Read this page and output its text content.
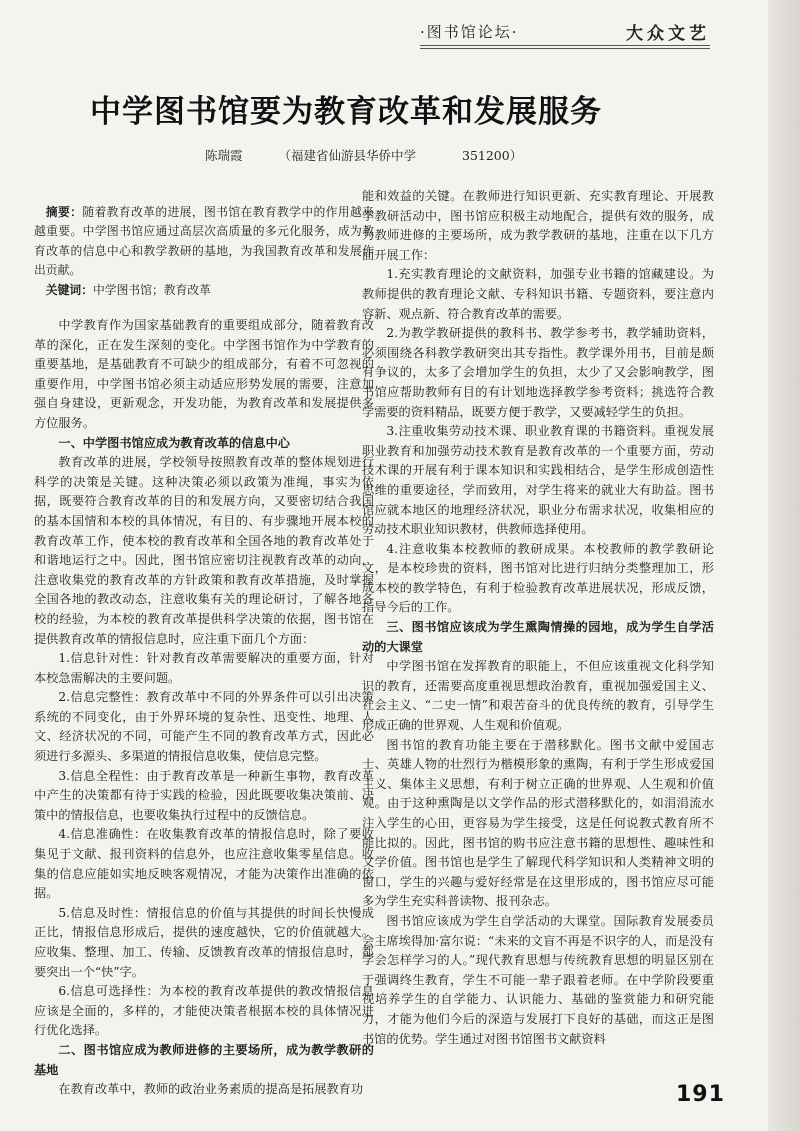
·图书馆论坛·	大众文艺
中学图书馆要为教育改革和发展服务
陈瑞霞	（福建省仙游县华侨中学	351200）

摘要：随着教育改革的进展，图书馆在教育教学中的作用越来越重要。中学图书馆应通过高层次高质量的多元化服务，成为教育改革的信息中心和教学教研的基地，为我国教育改革和发展作出贡献。

关键词：中学图书馆；教育改革

中学教育作为国家基础教育的重要组成部分，随着教育改革的深化，正在发生深刻的变化。中学图书馆作为中学教育的重要基地，是基础教育不可缺少的组成部分，有着不可忽视的重要作用，中学图书馆必须主动适应形势发展的需要，注意加强自身建设，更新观念，开发功能，为教育改革和发展提供多方位服务。

一、中学图书馆应成为教育改革的信息中心

教育改革的进展，学校领导按照教育改革的整体规划进行科学的决策是关键。这种决策必须以政策为准绳，事实为依据，既要符合教育改革的目的和发展方向，又要密切结合我国的基本国情和本校的具体情况，有目的、有步骤地开展本校的教育改革工作，使本校的教育改革和全国各地的教育改革处于和谐地运行之中。因此，图书馆应密切注视教育改革的动向，注意收集党的教育改革的方针政策和教育改革措施，及时掌握全国各地的教改动态，注意收集有关的理论研讨，了解各地各校的经验，为本校的教育改革提供科学决策的依据，图书馆在提供教育改革的情报信息时，应注重下面几个方面：

1.信息针对性：针对教育改革需要解决的重要方面，针对本校急需解决的主要问题。

2.信息完整性：教育改革中不同的外界条件可以引出决策系统的不同变化，由于外界环境的复杂性、迅变性、地理、人文、经济状况的不同，可能产生不同的教育改革方式，因此必须进行多源头、多渠道的情报信息收集，使信息完整。

3.信息全程性：由于教育改革是一种新生事物，教育改革中产生的决策都有待于实践的检验，因此既要收集决策前、决策中的情报信息，也要收集执行过程中的反馈信息。

4.信息准确性：在收集教育改革的情报信息时，除了要收集见于文献、报刊资料的信息外，也应注意收集零星信息。收集的信息应能如实地反映客观情况，才能为决策作出准确的依据。

5.信息及时性：情报信息的价值与其提供的时间长快慢成正比，情报信息形成后，提供的速度越快，它的价值就越大。应收集、整理、加工、传输、反馈教育改革的情报信息时，都要突出一个“快”字。

6.信息可选择性：为本校的教育改革提供的教改情报信息应该是全面的，多样的，才能使决策者根据本校的具体情况进行优化选择。

二、图书馆应成为教师进修的主要场所，成为教学教研的基地

在教育改革中，教师的政治业务素质的提高是拓展教育功

能和效益的关键。在教师进行知识更新、充实教育理论、开展教学教研活动中，图书馆应积极主动地配合，提供有效的服务，成为教师进修的主要场所，成为教学教研的基地，注重在以下几方面开展工作：

1.充实教育理论的文献资料，加强专业书籍的馆藏建设。为教师提供的教育理论文献、专科知识书籍、专题资料，要注意内容新、观点新、符合教育改革的需要。

2.为教学教研提供的教科书、教学参考书，教学辅助资料，必须围绕各科教学教研突出其专指性。教学课外用书，目前是颇有争议的，太多了会增加学生的负担，太少了又会影响教学，图书馆应帮助教师有目的有计划地选择教学参考资料；挑选符合教学需要的资料精品，既要方便于教学，又要减轻学生的负担。

3.注重收集劳动技术课、职业教育课的书籍资料。重视发展职业教育和加强劳动技术教育是教育改革的一个重要方面，劳动技术课的开展有利于课本知识和实践相结合，是学生形成创造性思维的重要途径，学而致用，对学生将来的就业大有助益。图书馆应就本地区的地理经济状况，职业分布需求状况，收集相应的劳动技术职业知识教材，供教师选择使用。

4.注意收集本校教师的教研成果。本校教师的教学教研论文，是本校珍贵的资料，图书馆对比进行归纳分类整理加工，形成本校的教学特色，有利于检验教育改革进展状况，形成反馈，指导今后的工作。

三、图书馆应该成为学生熏陶情操的园地，成为学生自学活动的大课堂

中学图书馆在发挥教育的职能上，不但应该重视文化科学知识的教育，还需要高度重视思想政治教育，重视加强爱国主义、社会主义、“二史一情”和艰苦奋斗的优良传统的教育，引导学生形成正确的世界观、人生观和价值观。

图书馆的教育功能主要在于潜移默化。图书文献中爱国志士、英雄人物的壮烈行为楷模形象的熏陶，有利于学生形成爱国主义、集体主义思想，有利于树立正确的世界观、人生观和价值观。由于这种熏陶是以文学作品的形式潜移默化的，如涓涓流水注入学生的心田，更容易为学生接受，这是任何说教式教育所不能比拟的。因此，图书馆的购书应注意书籍的思想性、趣味性和文学价值。图书馆也是学生了解现代科学知识和人类精神文明的窗口，学生的兴趣与爱好经常是在这里形成的，图书馆应尽可能多为学生充实科普读物、报刊杂志。

图书馆应该成为学生自学活动的大课堂。国际教育发展委员会主席埃得加·富尔说：“未来的文盲不再是不识字的人，而是没有学会怎样学习的人。”现代教育思想与传统教育思想的明显区别在于强调终生教育，学生不可能一辈子跟着老师。在中学阶段要重视培养学生的自学能力、认识能力、基础的鉴赏能力和研究能力，才能为他们今后的深造与发展打下良好的基础，而这正是图书馆的优势。学生通过对图书馆图书文献资料

191
